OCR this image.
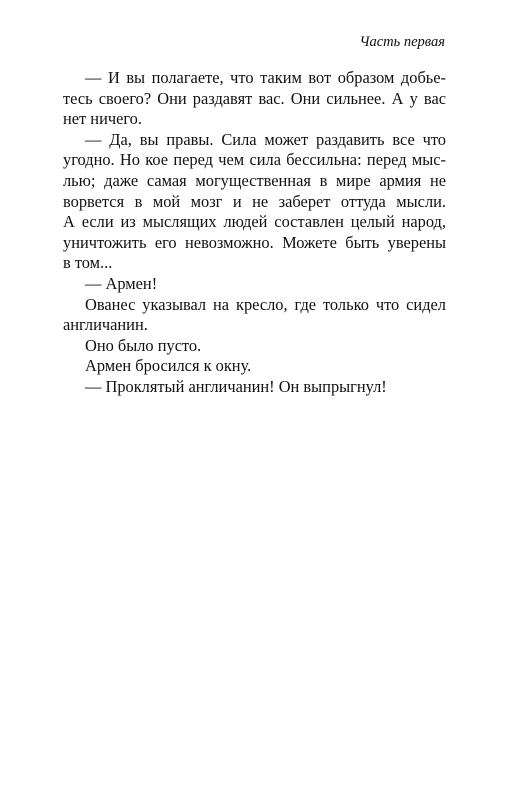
Часть первая

— И вы полагаете, что таким вот образом добье-
тесь своего? Они раздавят вас. Они сильнее. А у вас
нет ничего.

— Да, вы правы. Сила может раздавить все что
угодно. Но кое перед чем сила бессильна: перед мыс-
лью; даже самая могущественная в мире армия не
ворвется в мой мозг и не заберет оттуда мысли.
А если из мыслящих людей составлен целый народ,
уничтожить его невозможно. Можете быть уверены
в том...

— Армен!

Ованес указывал на кресло, где только что сидел
англичанин.

Оно было пусто.

Армен бросился к окну.

— Проклятый англичанин! Он выпрыгнул!
